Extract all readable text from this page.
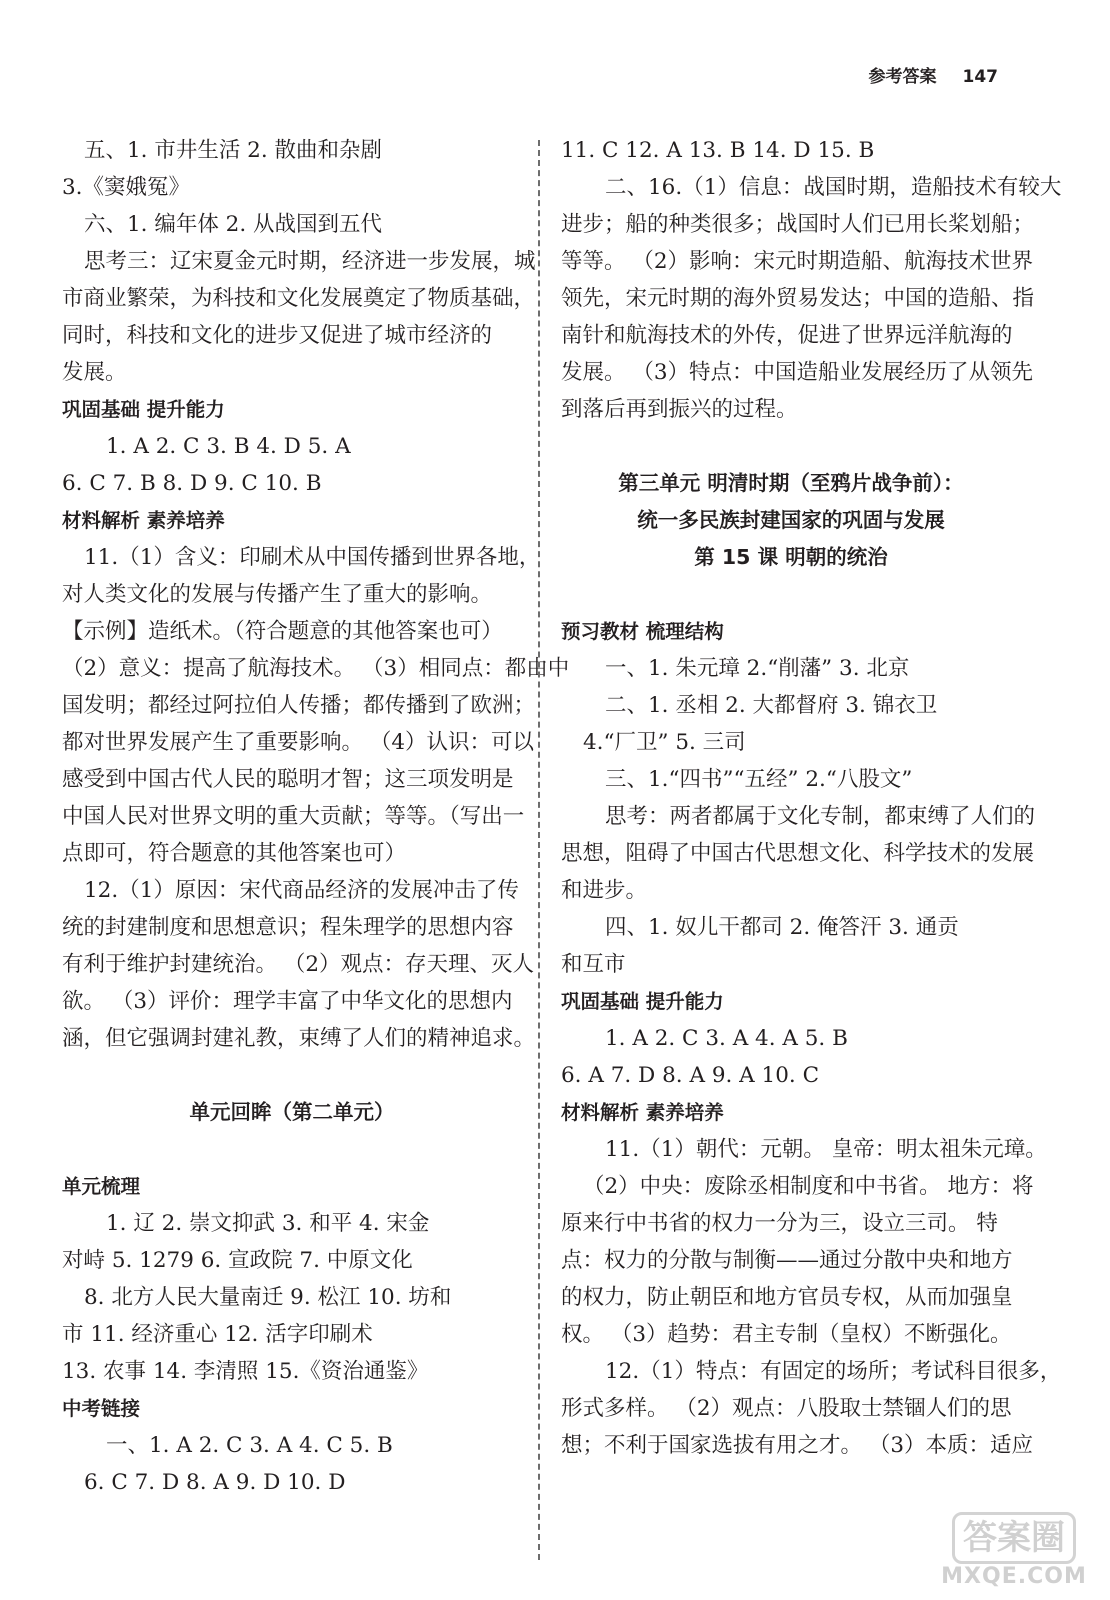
参考答案 147

五、1. 市井生活 2. 散曲和杂剧

3.《窦娥冤》

六、1. 编年体 2. 从战国到五代

思考三：辽宋夏金元时期，经济进一步发展，城

市商业繁荣，为科技和文化发展奠定了物质基础，

同时，科技和文化的进步又促进了城市经济的

发展。

巩固基础 提升能力

1. A 2. C 3. B 4. D 5. A

6. C 7. B 8. D 9. C 10. B

材料解析 素养培养

11.（1）含义：印刷术从中国传播到世界各地，

对人类文化的发展与传播产生了重大的影响。

【示例】造纸术。（符合题意的其他答案也可）

（2）意义：提高了航海技术。 （3）相同点：都由中

国发明；都经过阿拉伯人传播；都传播到了欧洲；

都对世界发展产生了重要影响。 （4）认识：可以

感受到中国古代人民的聪明才智；这三项发明是

中国人民对世界文明的重大贡献；等等。（写出一

点即可，符合题意的其他答案也可）

12.（1）原因：宋代商品经济的发展冲击了传

统的封建制度和思想意识；程朱理学的思想内容

有利于维护封建统治。 （2）观点：存天理、灭人

欲。 （3）评价：理学丰富了中华文化的思想内

涵，但它强调封建礼教，束缚了人们的精神追求。

单元回眸（第二单元）

单元梳理

1. 辽 2. 崇文抑武 3. 和平 4. 宋金

对峙 5. 1279 6. 宣政院 7. 中原文化

8. 北方人民大量南迁 9. 松江 10. 坊和

市 11. 经济重心 12. 活字印刷术

13. 农事 14. 李清照 15.《资治通鉴》

中考链接

一、1. A 2. C 3. A 4. C 5. B

6. C 7. D 8. A 9. D 10. D

11. C 12. A 13. B 14. D 15. B

二、16.（1）信息：战国时期，造船技术有较大

进步；船的种类很多；战国时人们已用长桨划船；

等等。 （2）影响：宋元时期造船、航海技术世界

领先，宋元时期的海外贸易发达；中国的造船、指

南针和航海技术的外传，促进了世界远洋航海的

发展。 （3）特点：中国造船业发展经历了从领先

到落后再到振兴的过程。

第三单元 明清时期（至鸦片战争前）：

统一多民族封建国家的巩固与发展

第 15 课 明朝的统治

预习教材 梳理结构

一、1. 朱元璋 2.“削藩” 3. 北京

二、1. 丞相 2. 大都督府 3. 锦衣卫

4.“厂卫” 5. 三司

三、1.“四书”“五经” 2.“八股文”

思考：两者都属于文化专制，都束缚了人们的

思想，阻碍了中国古代思想文化、科学技术的发展

和进步。

四、1. 奴儿干都司 2. 俺答汗 3. 通贡

和互市

巩固基础 提升能力

1. A 2. C 3. A 4. A 5. B

6. A 7. D 8. A 9. A 10. C

材料解析 素养培养

11.（1）朝代：元朝。 皇帝：明太祖朱元璋。

（2）中央：废除丞相制度和中书省。 地方：将

原来行中书省的权力一分为三，设立三司。 特

点：权力的分散与制衡——通过分散中央和地方

的权力，防止朝臣和地方官员专权，从而加强皇

权。 （3）趋势：君主专制（皇权）不断强化。

12.（1）特点：有固定的场所；考试科目很多，

形式多样。 （2）观点：八股取士禁锢人们的思

想；不利于国家选拔有用之才。 （3）本质：适应

答案圈
MXQE.COM
